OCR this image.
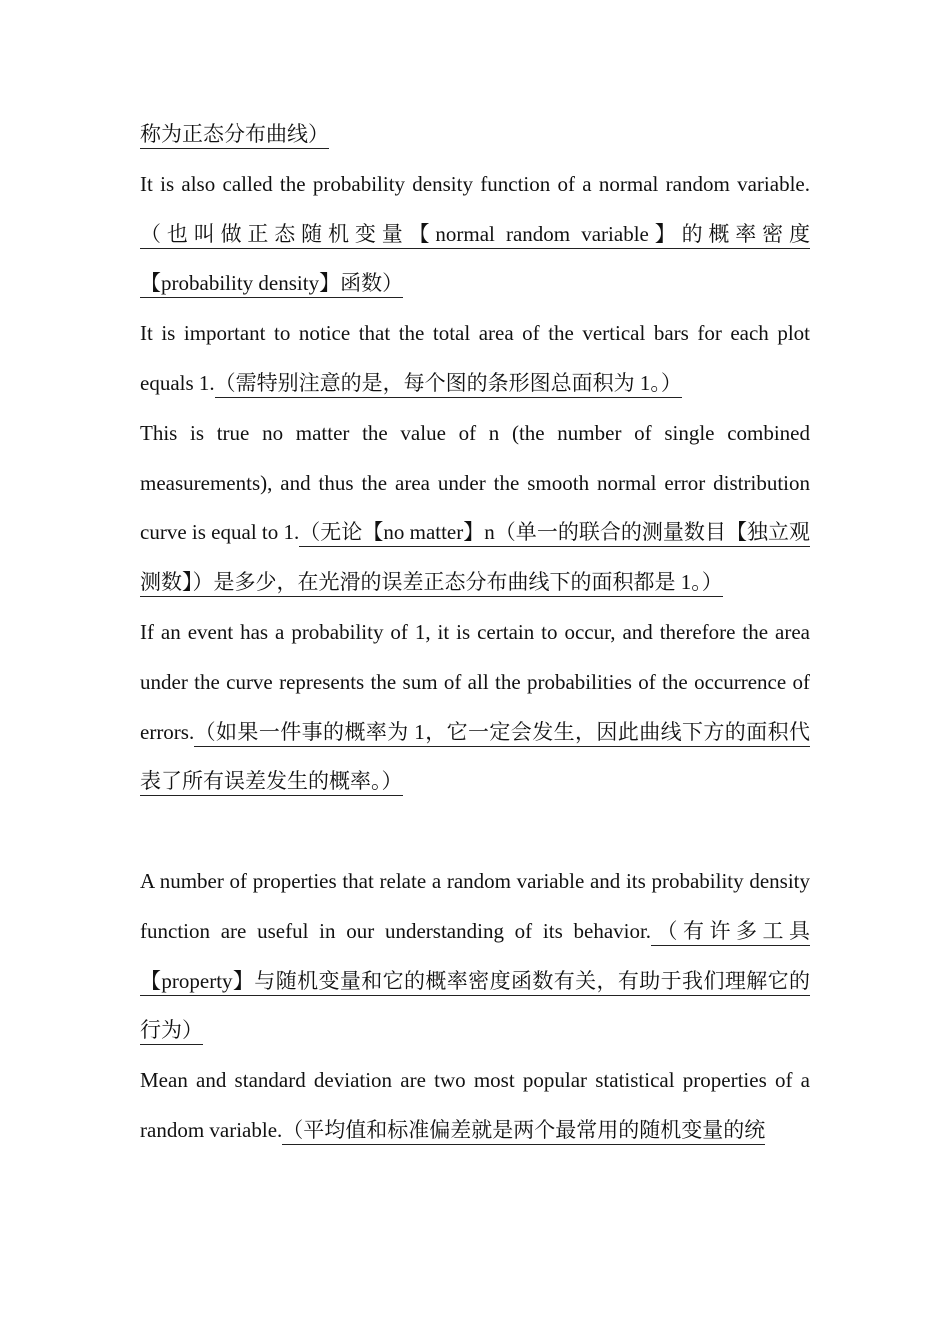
称为正态分布曲线）

It is also called the probability density function of a normal random variable.（也叫做正态随机变量【normal random variable】的概率密度【probability density】函数）

It is important to notice that the total area of the vertical bars for each plot equals 1.（需特别注意的是，每个图的条形图总面积为 1。）

This is true no matter the value of n (the number of single combined measurements), and thus the area under the smooth normal error distribution curve is equal to 1.（无论【no matter】n（单一的联合的测量数目【独立观测数】）是多少，在光滑的误差正态分布曲线下的面积都是 1。）

If an event has a probability of 1, it is certain to occur, and therefore the area under the curve represents the sum of all the probabilities of the occurrence of errors.（如果一件事的概率为 1，它一定会发生，因此曲线下方的面积代表了所有误差发生的概率。）

A number of properties that relate a random variable and its probability density function are useful in our understanding of its behavior.（有许多工具【property】与随机变量和它的概率密度函数有关，有助于我们理解它的行为）

Mean and standard deviation are two most popular statistical properties of a random variable.（平均值和标准偏差就是两个最常用的随机变量的统
